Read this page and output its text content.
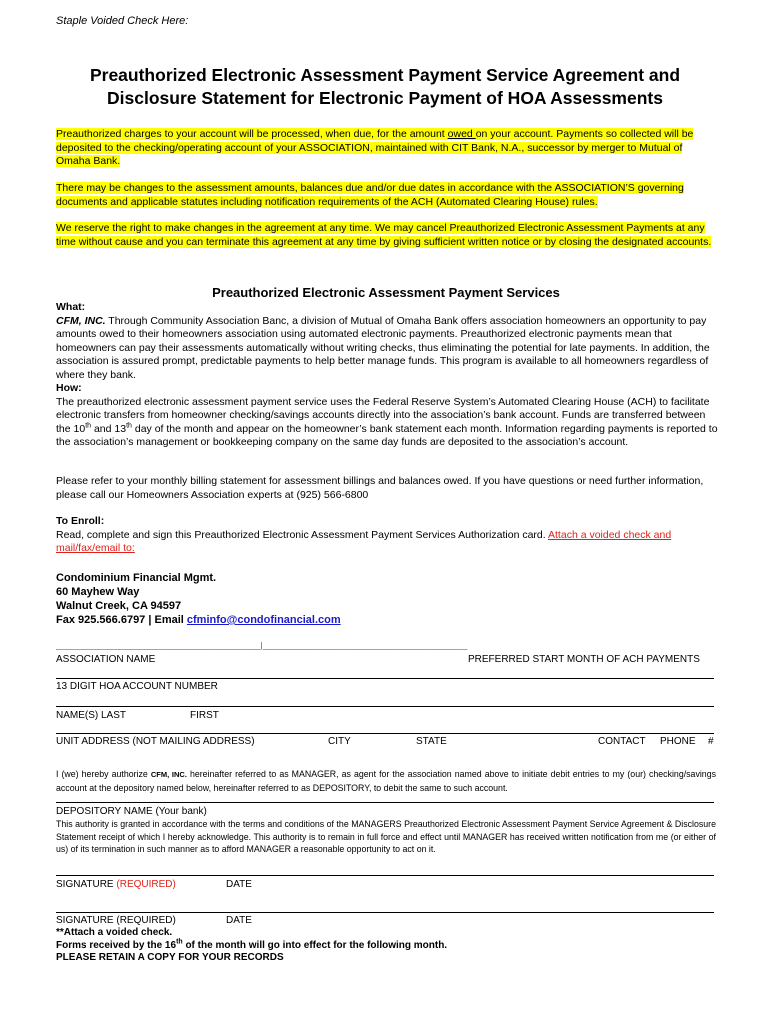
Staple Voided Check Here:
Preauthorized Electronic Assessment Payment Service Agreement and
Disclosure Statement for Electronic Payment of HOA Assessments
Preauthorized charges to your account will be processed, when due, for the amount owed on your account. Payments so collected will be deposited to the checking/operating account of your ASSOCIATION, maintained with CIT Bank, N.A., successor by merger to Mutual of Omaha Bank.
There may be changes to the assessment amounts, balances due and/or due dates in accordance with the ASSOCIATION’S governing documents and applicable statutes including notification requirements of the ACH (Automated Clearing House) rules.
We reserve the right to make changes in the agreement at any time. We may cancel Preauthorized Electronic Assessment Payments at any time without cause and you can terminate this agreement at any time by giving sufficient written notice or by closing the designated accounts.
Preauthorized Electronic Assessment Payment Services
What:
CFM, INC. Through Community Association Banc, a division of Mutual of Omaha Bank offers association homeowners an opportunity to pay amounts owed to their homeowners association using automated electronic payments. Preauthorized electronic payments mean that homeowners can pay their assessments automatically without writing checks, thus eliminating the potential for late payments. In addition, the association is assured prompt, predictable payments to help better manage funds. This program is available to all homeowners regardless of where they bank.
How:
The preauthorized electronic assessment payment service uses the Federal Reserve System’s Automated Clearing House (ACH) to facilitate electronic transfers from homeowner checking/savings accounts directly into the association’s bank account. Funds are transferred between the 10th and 13th day of the month and appear on the homeowner’s bank statement each month. Information regarding payments is reported to the association’s management or bookkeeping company on the same day funds are deposited to the association’s account.
Please refer to your monthly billing statement for assessment billings and balances owed. If you have questions or need further information, please call our Homeowners Association experts at (925) 566-6800
To Enroll:
Read, complete and sign this Preauthorized Electronic Assessment Payment Services Authorization card. Attach a voided check and mail/fax/email to:
Condominium Financial Mgmt.
60 Mayhew Way
Walnut Creek, CA 94597
Fax 925.566.6797 | Email cfminfo@condofinancial.com
______________________________________________|______________________________________________
ASSOCIATION NAME	PREFERRED START MONTH OF ACH PAYMENTS
13 DIGIT HOA ACCOUNT NUMBER
NAME(S) LAST	FIRST
UNIT ADDRESS (NOT MAILING ADDRESS)	CITY	STATE	CONTACT PHONE #
I (we) hereby authorize CFM, INC. hereinafter referred to as MANAGER, as agent for the association named above to initiate debit entries to my (our) checking/savings account at the depository named below, hereinafter referred to as DEPOSITORY, to debit the same to such account.
DEPOSITORY NAME (Your bank)
This authority is granted in accordance with the terms and conditions of the MANAGERS Preauthorized Electronic Assessment Payment Service Agreement & Disclosure Statement receipt of which I hereby acknowledge. This authority is to remain in full force and effect until MANAGER has received written notification from me (or either of us) of its termination in such manner as to afford MANAGER a reasonable opportunity to act on it.
SIGNATURE (REQUIRED)	DATE
SIGNATURE (REQUIRED)	DATE
**Attach a voided check.
Forms received by the 16th of the month will go into effect for the following month.
PLEASE RETAIN A COPY FOR YOUR RECORDS
